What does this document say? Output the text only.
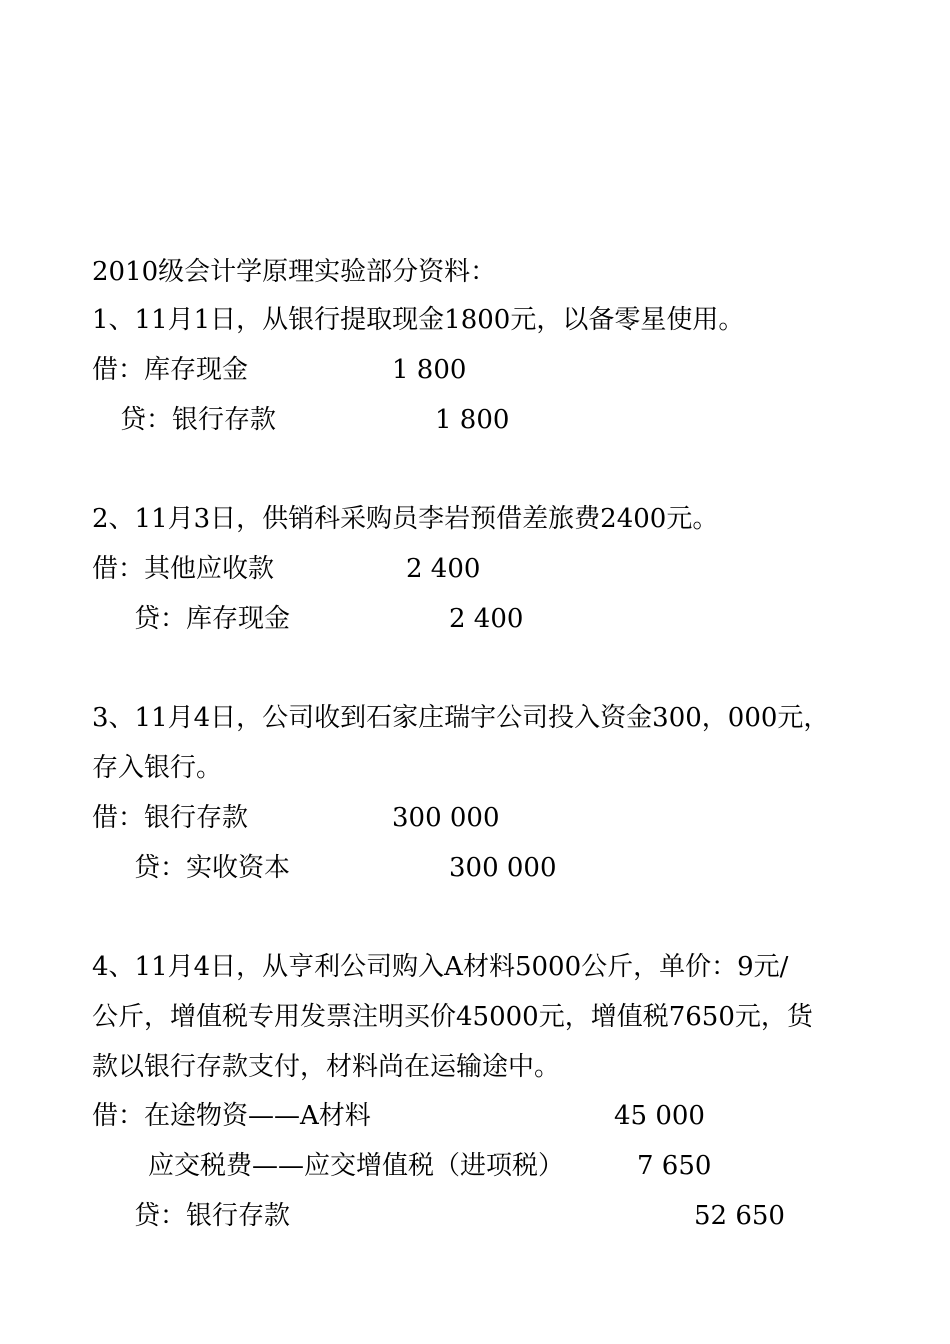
2010级会计学原理实验部分资料：
1、11月1日，从银行提取现金1800元，以备零星使用。
借：库存现金	1 800
贷：银行存款	1 800
2、11月3日，供销科采购员李岩预借差旅费2400元。
借：其他应收款	2 400
贷：库存现金	2 400
3、11月4日，公司收到石家庄瑞宇公司投入资金300，000元，
存入银行。
借：银行存款	300 000
贷：实收资本	300 000
4、11月4日，从亨利公司购入A材料5000公斤，单价：9元/
公斤，增值税专用发票注明买价45000元，增值税7650元，货
款以银行存款支付，材料尚在运输途中。
借：在途物资——A材料	45 000
应交税费——应交增值税（进项税）	7 650
贷：银行存款	52 650
